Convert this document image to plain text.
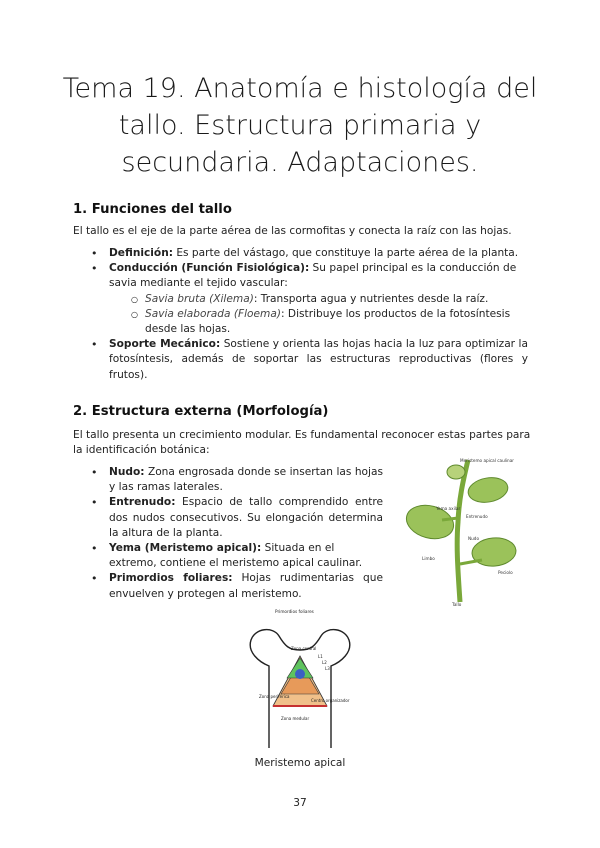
Tema 19. Anatomía e histología del
tallo. Estructura primaria y
secundaria. Adaptaciones.
1. Funciones del tallo

El tallo es el eje de la parte aérea de las cormofitas y conecta la raíz con las hojas.

• Definición: Es parte del vástago, que constituye la parte aérea de la planta.
• Conducción (Función Fisiológica): Su papel principal es la conducción de savia mediante el tejido vascular:
○ Savia bruta (Xilema): Transporta agua y nutrientes desde la raíz.
○ Savia elaborada (Floema): Distribuye los productos de la fotosíntesis desde las hojas.
• Soporte Mecánico: Sostiene y orienta las hojas hacia la luz para optimizar la fotosíntesis, además de soportar las estructuras reproductivas (flores y frutos).
2. Estructura externa (Morfología)

El tallo presenta un crecimiento modular. Es fundamental reconocer estas partes para la identificación botánica:

• Nudo: Zona engrosada donde se insertan las hojas y las ramas laterales.
• Entrenudo: Espacio de tallo comprendido entre dos nudos consecutivos. Su elongación determina la altura de la planta.
• Yema (Meristemo apical): Situada en el extremo, contiene el meristemo apical caulinar.
• Primordios foliares: Hojas rudimentarias que envuelven y protegen al meristemo.
Meristemo apical caulinar
Yema axilar
Entrenudo
Nudo
Limbo
Peciolo
Tallo
Primordios foliares
Zona central
L1
L2
L3
Zona periférica
Zona medular
Centro organizador
Meristemo apical
37
